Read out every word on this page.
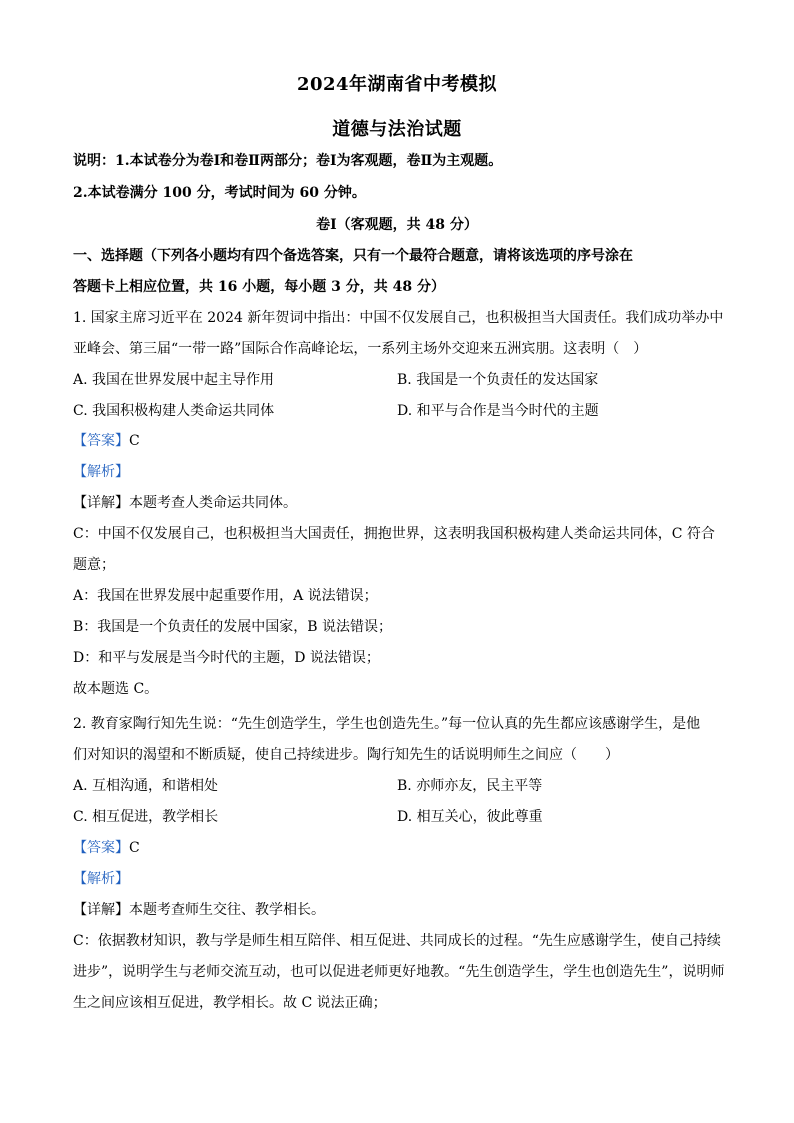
2024年湖南省中考模拟
道德与法治试题
说明：1.本试卷分为卷Ⅰ和卷Ⅱ两部分；卷Ⅰ为客观题，卷Ⅱ为主观题。
2.本试卷满分 100 分，考试时间为 60 分钟。
卷Ⅰ（客观题，共 48 分）
一、选择题（下列各小题均有四个备选答案，只有一个最符合题意，请将该选项的序号涂在
答题卡上相应位置，共 16 小题，每小题 3 分，共 48 分）
1. 国家主席习近平在 2024 新年贺词中指出：中国不仅发展自己，也积极担当大国责任。我们成功举办中
亚峰会、第三届“一带一路”国际合作高峰论坛，一系列主场外交迎来五洲宾朋。这表明（　）
A. 我国在世界发展中起主导作用	B. 我国是一个负责任的发达国家
C. 我国积极构建人类命运共同体	D. 和平与合作是当今时代的主题
【答案】C
【解析】
【详解】本题考查人类命运共同体。
C：中国不仅发展自己，也积极担当大国责任，拥抱世界，这表明我国积极构建人类命运共同体，C 符合
题意；
A：我国在世界发展中起重要作用，A 说法错误；
B：我国是一个负责任的发展中国家，B 说法错误；
D：和平与发展是当今时代的主题，D 说法错误；
故本题选 C。
2. 教育家陶行知先生说：“先生创造学生，学生也创造先生。”每一位认真的先生都应该感谢学生，是他
们对知识的渴望和不断质疑，使自己持续进步。陶行知先生的话说明师生之间应（　　）
A. 互相沟通，和谐相处	B. 亦师亦友，民主平等
C. 相互促进，教学相长	D. 相互关心，彼此尊重
【答案】C
【解析】
【详解】本题考查师生交往、教学相长。
C：依据教材知识，教与学是师生相互陪伴、相互促进、共同成长的过程。“先生应感谢学生，使自己持续
进步”，说明学生与老师交流互动，也可以促进老师更好地教。“先生创造学生，学生也创造先生”，说明师
生之间应该相互促进，教学相长。故 C 说法正确；
